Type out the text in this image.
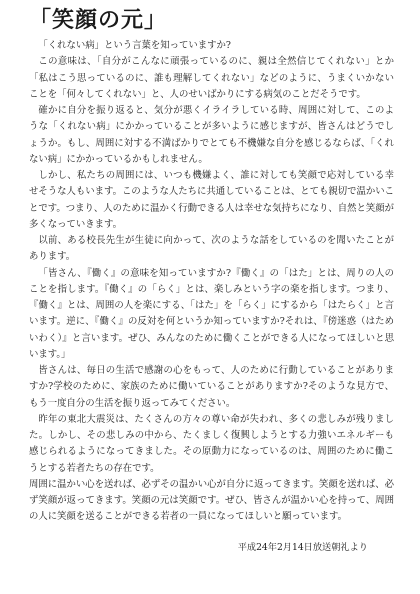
「笑顔の元」

「くれない病」という言葉を知っていますか?

この意味は、「自分がこんなに頑張っているのに、親は全然信じてくれない」とか「私はこう思っているのに、誰も理解してくれない」などのように、うまくいかないことを「何々してくれない」と、人のせいばかりにする病気のことだそうです。

確かに自分を振り返ると、気分が悪くイライラしている時、周囲に対して、このような「くれない病」にかかっていることが多いように感じますが、皆さんはどうでしょうか。もし、周囲に対する不満ばかりでとても不機嫌な自分を感じるならば、「くれない病」にかかっているかもしれません。

しかし、私たちの周囲には、いつも機嫌よく、誰に対しても笑顔で応対している幸せそうな人もいます。このような人たちに共通していることは、とても親切で温かいことです。つまり、人のために温かく行動できる人は幸せな気持ちになり、自然と笑顔が多くなっていきます。

以前、ある校長先生が生徒に向かって、次のような話をしているのを聞いたことがあります。

「皆さん、『働く』の意味を知っていますか?『働く』の「はた」とは、周りの人のことを指します。『働く』の「らく」とは、楽しみという字の楽を指します。つまり、『働く』とは、周囲の人を楽にする、「はた」を「らく」にするから「はたらく」と言います。逆に、『働く』の反対を何というか知っていますか?それは、『傍迷惑（はためいわく）』と言います。ぜひ、みんなのために働くことができる人になってほしいと思います。」

皆さんは、毎日の生活で感謝の心をもって、人のために行動していることがありますか?学校のために、家族のために働いていることがありますか?そのような見方で、もう一度自分の生活を振り返ってみてください。

昨年の東北大震災は、たくさんの方々の尊い命が失われ、多くの悲しみが残りました。しかし、その悲しみの中から、たくましく復興しようとする力強いエネルギーも感じられるようになってきました。その原動力になっているのは、周囲のために働こうとする若者たちの存在です。

周囲に温かい心を送れば、必ずその温かい心が自分に返ってきます。笑顔を送れば、必ず笑顔が返ってきます。笑顔の元は笑顔です。ぜひ、皆さんが温かい心を持って、周囲の人に笑顔を送ることができる若者の一員になってほしいと願っています。

平成24年2月14日放送朝礼より
